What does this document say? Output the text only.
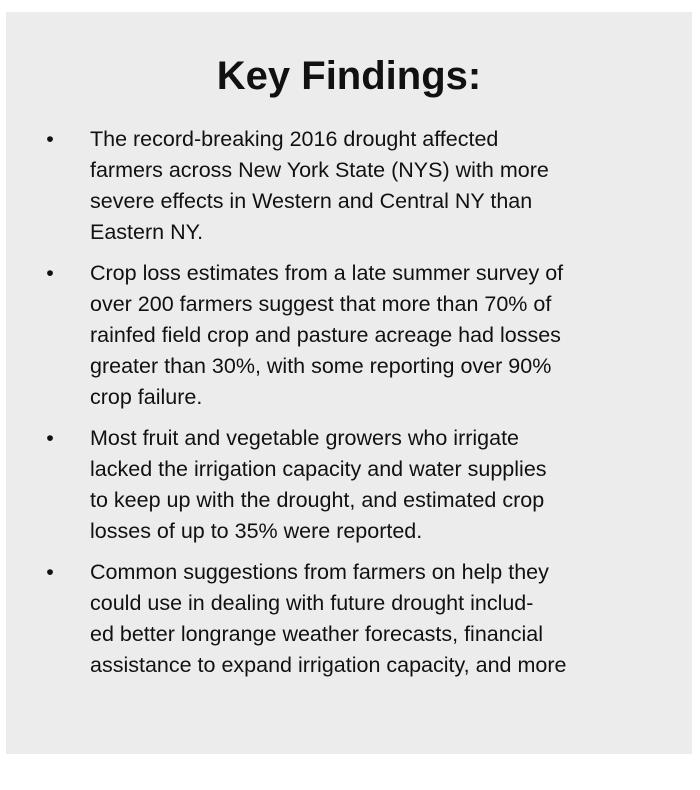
Key Findings:
• The record-breaking 2016 drought affected
farmers across New York State (NYS) with more
severe effects in Western and Central NY than
Eastern NY.
• Crop loss estimates from a late summer survey of
over 200 farmers suggest that more than 70% of
rainfed field crop and pasture acreage had losses
greater than 30%, with some reporting over 90%
crop failure.
• Most fruit and vegetable growers who irrigate
lacked the irrigation capacity and water supplies
to keep up with the drought, and estimated crop
losses of up to 35% were reported.
• Common suggestions from farmers on help they
could use in dealing with future drought includ-
ed better longrange weather forecasts, financial
assistance to expand irrigation capacity, and more
